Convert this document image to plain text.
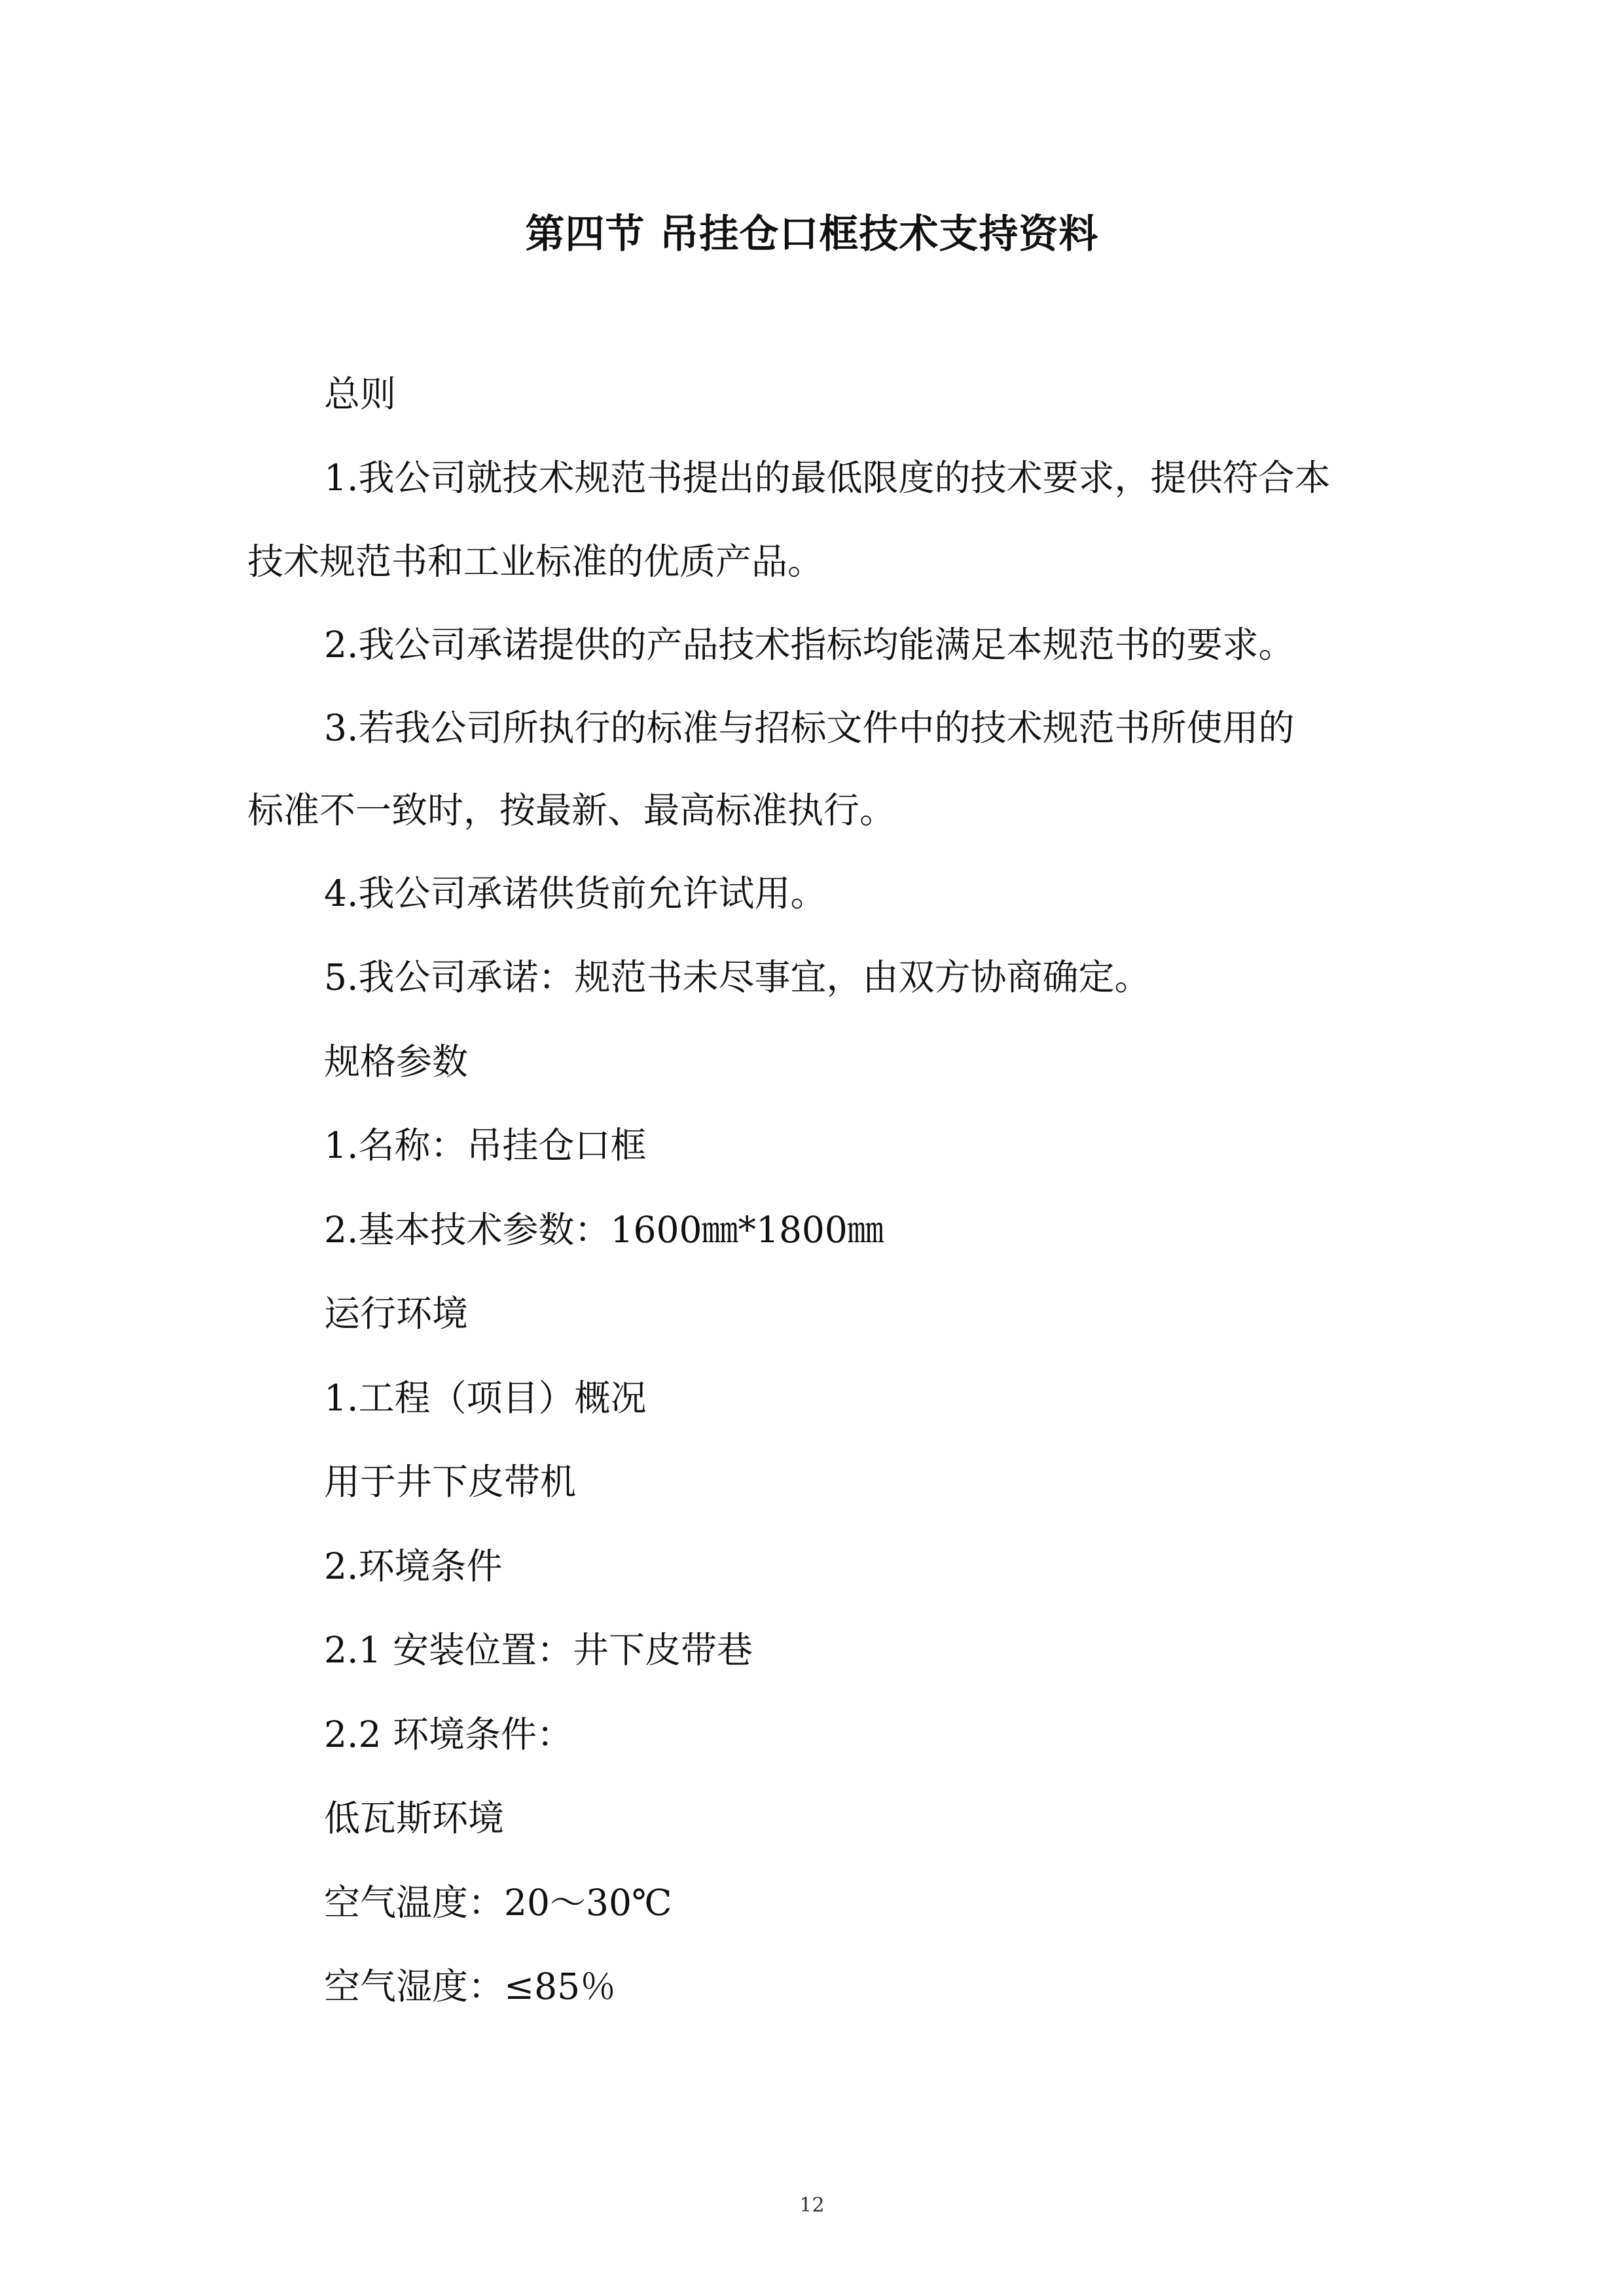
第四节 吊挂仓口框技术支持资料
总则
1.我公司就技术规范书提出的最低限度的技术要求，提供符合本
技术规范书和工业标准的优质产品。
2.我公司承诺提供的产品技术指标均能满足本规范书的要求。
3.若我公司所执行的标准与招标文件中的技术规范书所使用的
标准不一致时，按最新、最高标准执行。
4.我公司承诺供货前允许试用。
5.我公司承诺：规范书未尽事宜，由双方协商确定。
规格参数
1.名称：吊挂仓口框
2.基本技术参数：1600㎜*1800㎜
运行环境
1.工程（项目）概况
用于井下皮带机
2.环境条件
2.1 安装位置：井下皮带巷
2.2 环境条件：
低瓦斯环境
空气温度：20～30℃
空气湿度：≤85％
12
